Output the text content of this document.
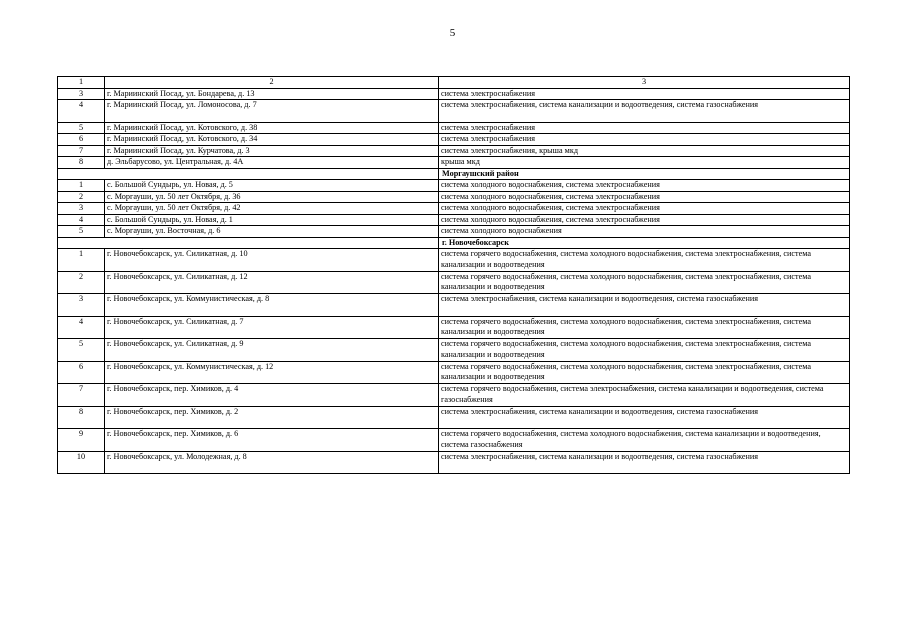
5
1	2	3
3	г. Мариинский Посад, ул. Бондарева, д. 13	система электроснабжения
4	г. Мариинский Посад, ул. Ломоносова, д. 7	система электроснабжения, система канализации и водоотведения, система газоснабжения
5	г. Мариинский Посад, ул. Котовского, д. 38	система электроснабжения
6	г. Мариинский Посад, ул. Котовского, д. 34	система электроснабжения
7	г. Мариинский Посад, ул. Курчатова, д. 3	система электроснабжения, крыша мкд
8	д. Эльбарусово, ул. Центральная, д. 4А	крыша мкд
		Моргаушский район
1	с. Большой Сундырь, ул. Новая, д. 5	система холодного водоснабжения, система электроснабжения
2	с. Моргауши, ул. 50 лет Октября, д. 36	система холодного водоснабжения, система электроснабжения
3	с. Моргауши, ул. 50 лет Октября, д. 42	система холодного водоснабжения, система электроснабжения
4	с. Большой Сундырь, ул. Новая, д. 1	система холодного водоснабжения, система электроснабжения
5	с. Моргауши, ул. Восточная, д. 6	система холодного водоснабжения
		г. Новочебоксарск
1	г. Новочебоксарск, ул. Силикатная, д. 10	система горячего водоснабжения, система холодного водоснабжения, система электроснабжения, система канализации и водоотведения
2	г. Новочебоксарск, ул. Силикатная, д. 12	система горячего водоснабжения, система холодного водоснабжения, система электроснабжения, система канализации и водоотведения
3	г. Новочебоксарск, ул. Коммунистическая, д. 8	система электроснабжения, система канализации и водоотведения, система газоснабжения
4	г. Новочебоксарск, ул. Силикатная, д. 7	система горячего водоснабжения, система холодного водоснабжения, система электроснабжения, система канализации и водоотведения
5	г. Новочебоксарск, ул. Силикатная, д. 9	система горячего водоснабжения, система холодного водоснабжения, система электроснабжения, система канализации и водоотведения
6	г. Новочебоксарск, ул. Коммунистическая, д. 12	система горячего водоснабжения, система холодного водоснабжения, система электроснабжения, система канализации и водоотведения
7	г. Новочебоксарск, пер. Химиков, д. 4	система горячего водоснабжения, система электроснабжения, система канализации и водоотведения, система газоснабжения
8	г. Новочебоксарск, пер. Химиков, д. 2	система электроснабжения, система канализации и водоотведения, система газоснабжения
9	г. Новочебоксарск, пер. Химиков, д. 6	система горячего водоснабжения, система холодного водоснабжения, система канализации и водоотведения, система газоснабжения
10	г. Новочебоксарск, ул. Молодежная, д. 8	система электроснабжения, система канализации и водоотведения, система газоснабжения
